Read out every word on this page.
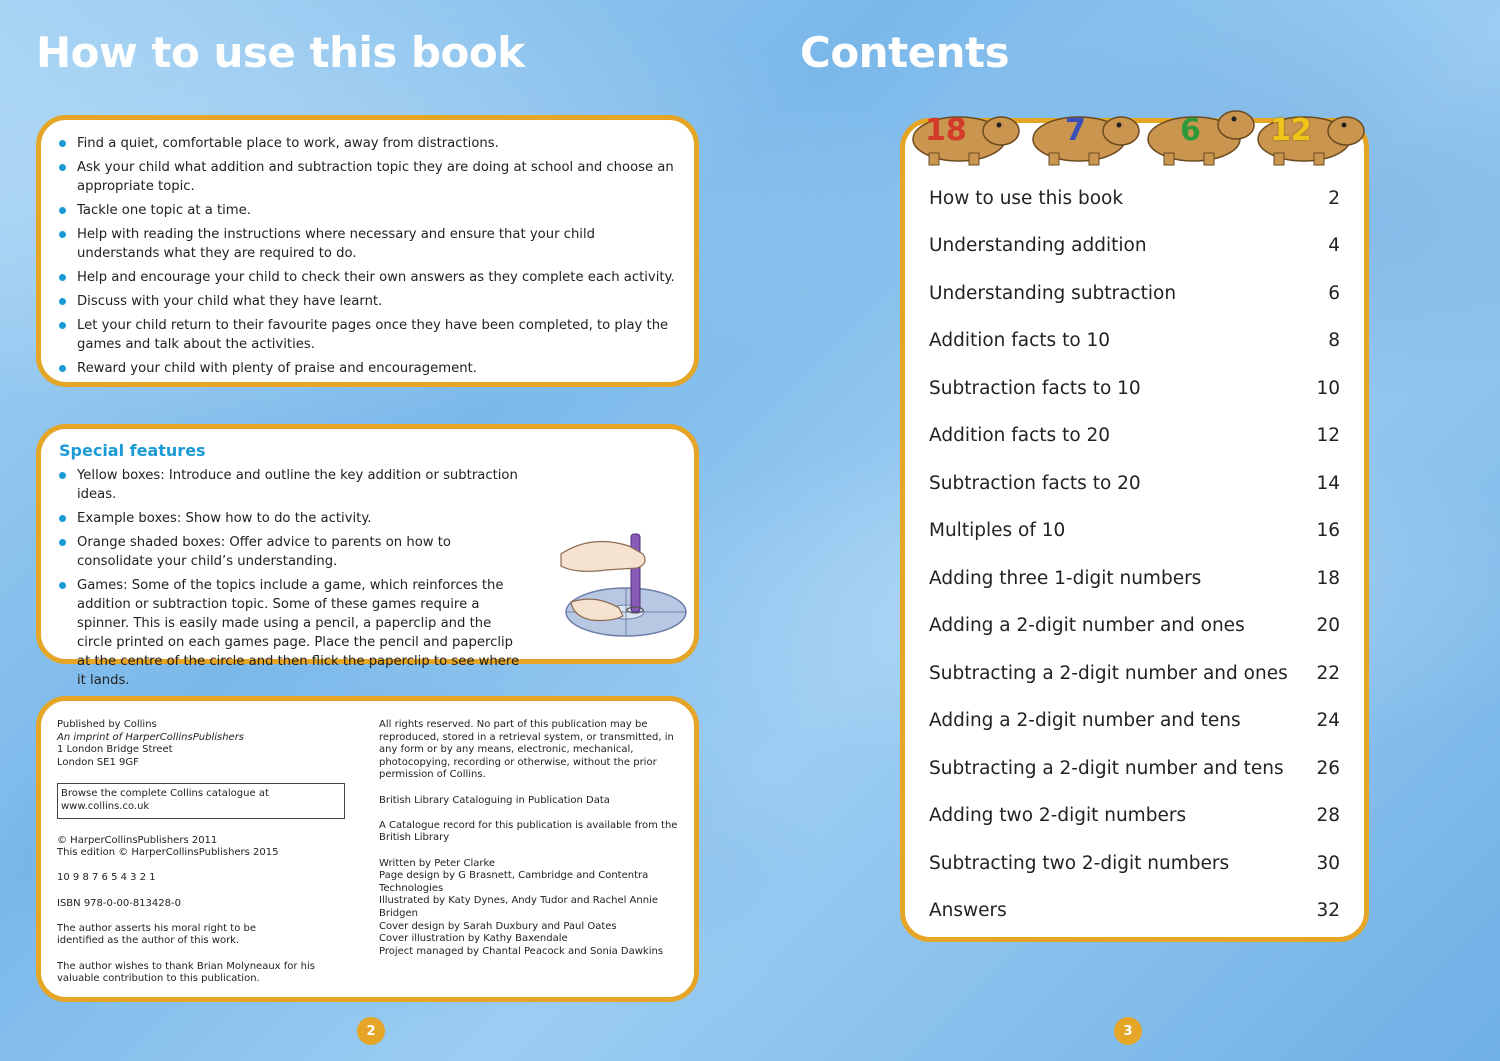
How to use this book
Find a quiet, comfortable place to work, away from distractions.
Ask your child what addition and subtraction topic they are doing at school and choose an appropriate topic.
Tackle one topic at a time.
Help with reading the instructions where necessary and ensure that your child understands what they are required to do.
Help and encourage your child to check their own answers as they complete each activity.
Discuss with your child what they have learnt.
Let your child return to their favourite pages once they have been completed, to play the games and talk about the activities.
Reward your child with plenty of praise and encouragement.
Special features
Yellow boxes: Introduce and outline the key addition or subtraction ideas.
Example boxes: Show how to do the activity.
Orange shaded boxes: Offer advice to parents on how to consolidate your child’s understanding.
Games: Some of the topics include a game, which reinforces the addition or subtraction topic. Some of these games require a spinner. This is easily made using a pencil, a paperclip and the circle printed on each games page. Place the pencil and paperclip at the centre of the circle and then flick the paperclip to see where it lands.
Published by Collins
An imprint of HarperCollinsPublishers
1 London Bridge Street
London SE1 9GF
Browse the complete Collins catalogue at www.collins.co.uk
© HarperCollinsPublishers 2011

This edition © HarperCollinsPublishers 2015

10 9 8 7 6 5 4 3 2 1

ISBN 978-0-00-813428-0

The author asserts his moral right to be identified as the author of this work.

The author wishes to thank Brian Molyneaux for his valuable contribution to this publication.

All rights reserved. No part of this publication may be reproduced, stored in a retrieval system, or transmitted, in any form or by any means, electronic, mechanical, photocopying, recording or otherwise, without the prior permission of Collins.

British Library Cataloguing in Publication Data

A Catalogue record for this publication is available from the British Library

Written by Peter Clarke
Page design by G Brasnett, Cambridge and Contentra Technologies
Illustrated by Katy Dynes, Andy Tudor and Rachel Annie Bridgen
Cover design by Sarah Duxbury and Paul Oates
Cover illustration by Kathy Baxendale
Project managed by Chantal Peacock and Sonia Dawkins
2
Contents
18	7	6 12
How to use this book	2
Understanding addition	4
Understanding subtraction	6
Addition facts to 10	8
Subtraction facts to 10	10
Addition facts to 20	12
Subtraction facts to 20	14
Multiples of 10	16
Adding three 1-digit numbers	18
Adding a 2-digit number and ones	20
Subtracting a 2-digit number and ones 22
Adding a 2-digit number and tens	24
Subtracting a 2-digit number and tens 26
Adding two 2-digit numbers	28
Subtracting two 2-digit numbers	30
Answers	32
3
